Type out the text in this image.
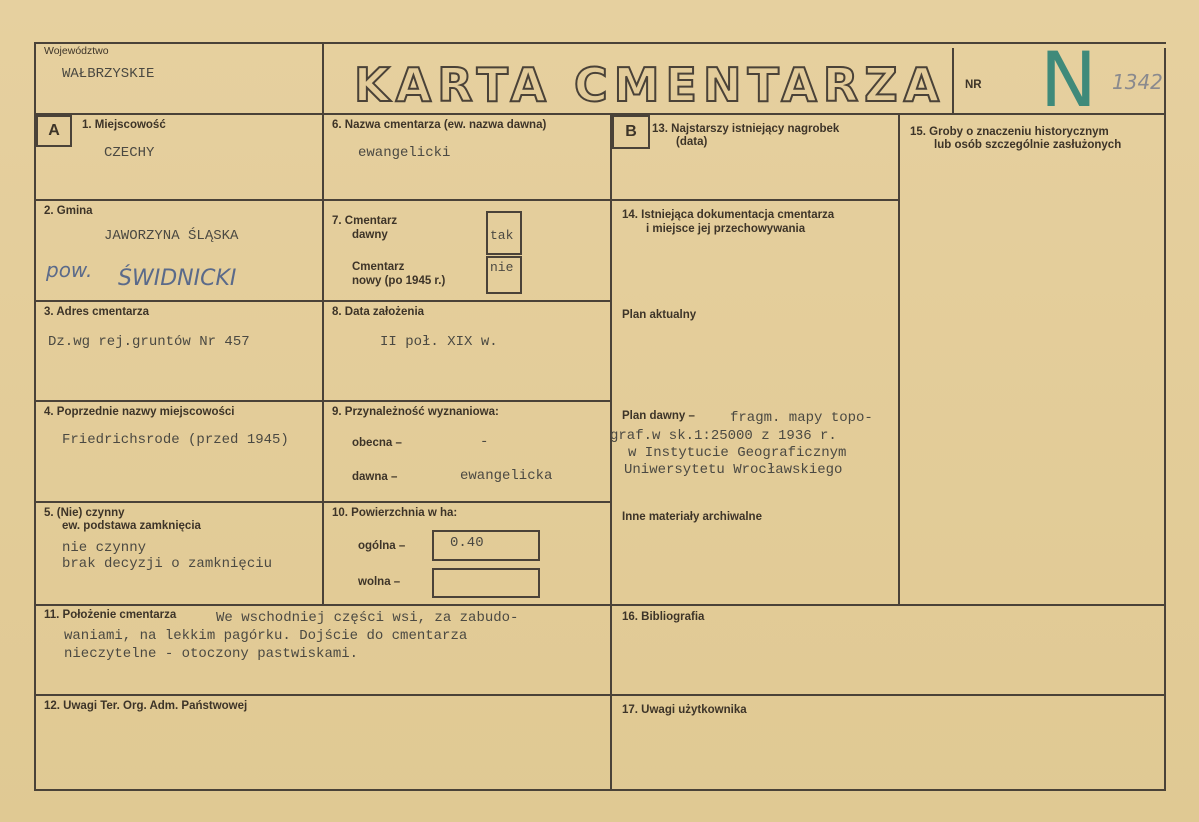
Województwo
WAŁBRZYSKIE	KARTA CMENTARZA NR N 1342
A	B
1. Miejscowość
CZECHY
2. Gmina
JAWORZYNA ŚLĄSKA
pow. ŚWIDNICKI
3. Adres cmentarza
Dz.wg rej.gruntów Nr 457
4. Poprzednie nazwy miejscowości
Friedrichsrode (przed 1945)
5. (Nie) czynny
ew. podstawa zamknięcia
nie czynny
brak decyzji o zamknięciu
6. Nazwa cmentarza (ew. nazwa dawna)
ewangelicki
7. Cmentarz
dawny	tak
Cmentarz
nowy (po 1945 r.)
nie
8. Data założenia
II poł. XIX w.
9. Przynależność wyznaniowa:
obecna –	-
dawna –	ewangelicka
10. Powierzchnia w ha:
ogólna –	0.40
wolna –
11. Położenie cmentarza	We wschodniej części wsi, za zabudo-
waniami, na lekkim pagórku. Dojście do cmentarza
nieczytelne - otoczony pastwiskami.
12. Uwagi Ter. Org. Adm. Państwowej
13. Najstarszy istniejący nagrobek
(data)
14. Istniejąca dokumentacja cmentarza
i miejsce jej przechowywania
Plan aktualny
Plan dawny –	fragm. mapy topo-
graf.w sk.1:25000 z 1936 r.
w Instytucie Geograficznym
Uniwersytetu Wrocławskiego
Inne materiały archiwalne
15. Groby o znaczeniu historycznym
lub osób szczególnie zasłużonych
16. Bibliografia
17. Uwagi użytkownika
